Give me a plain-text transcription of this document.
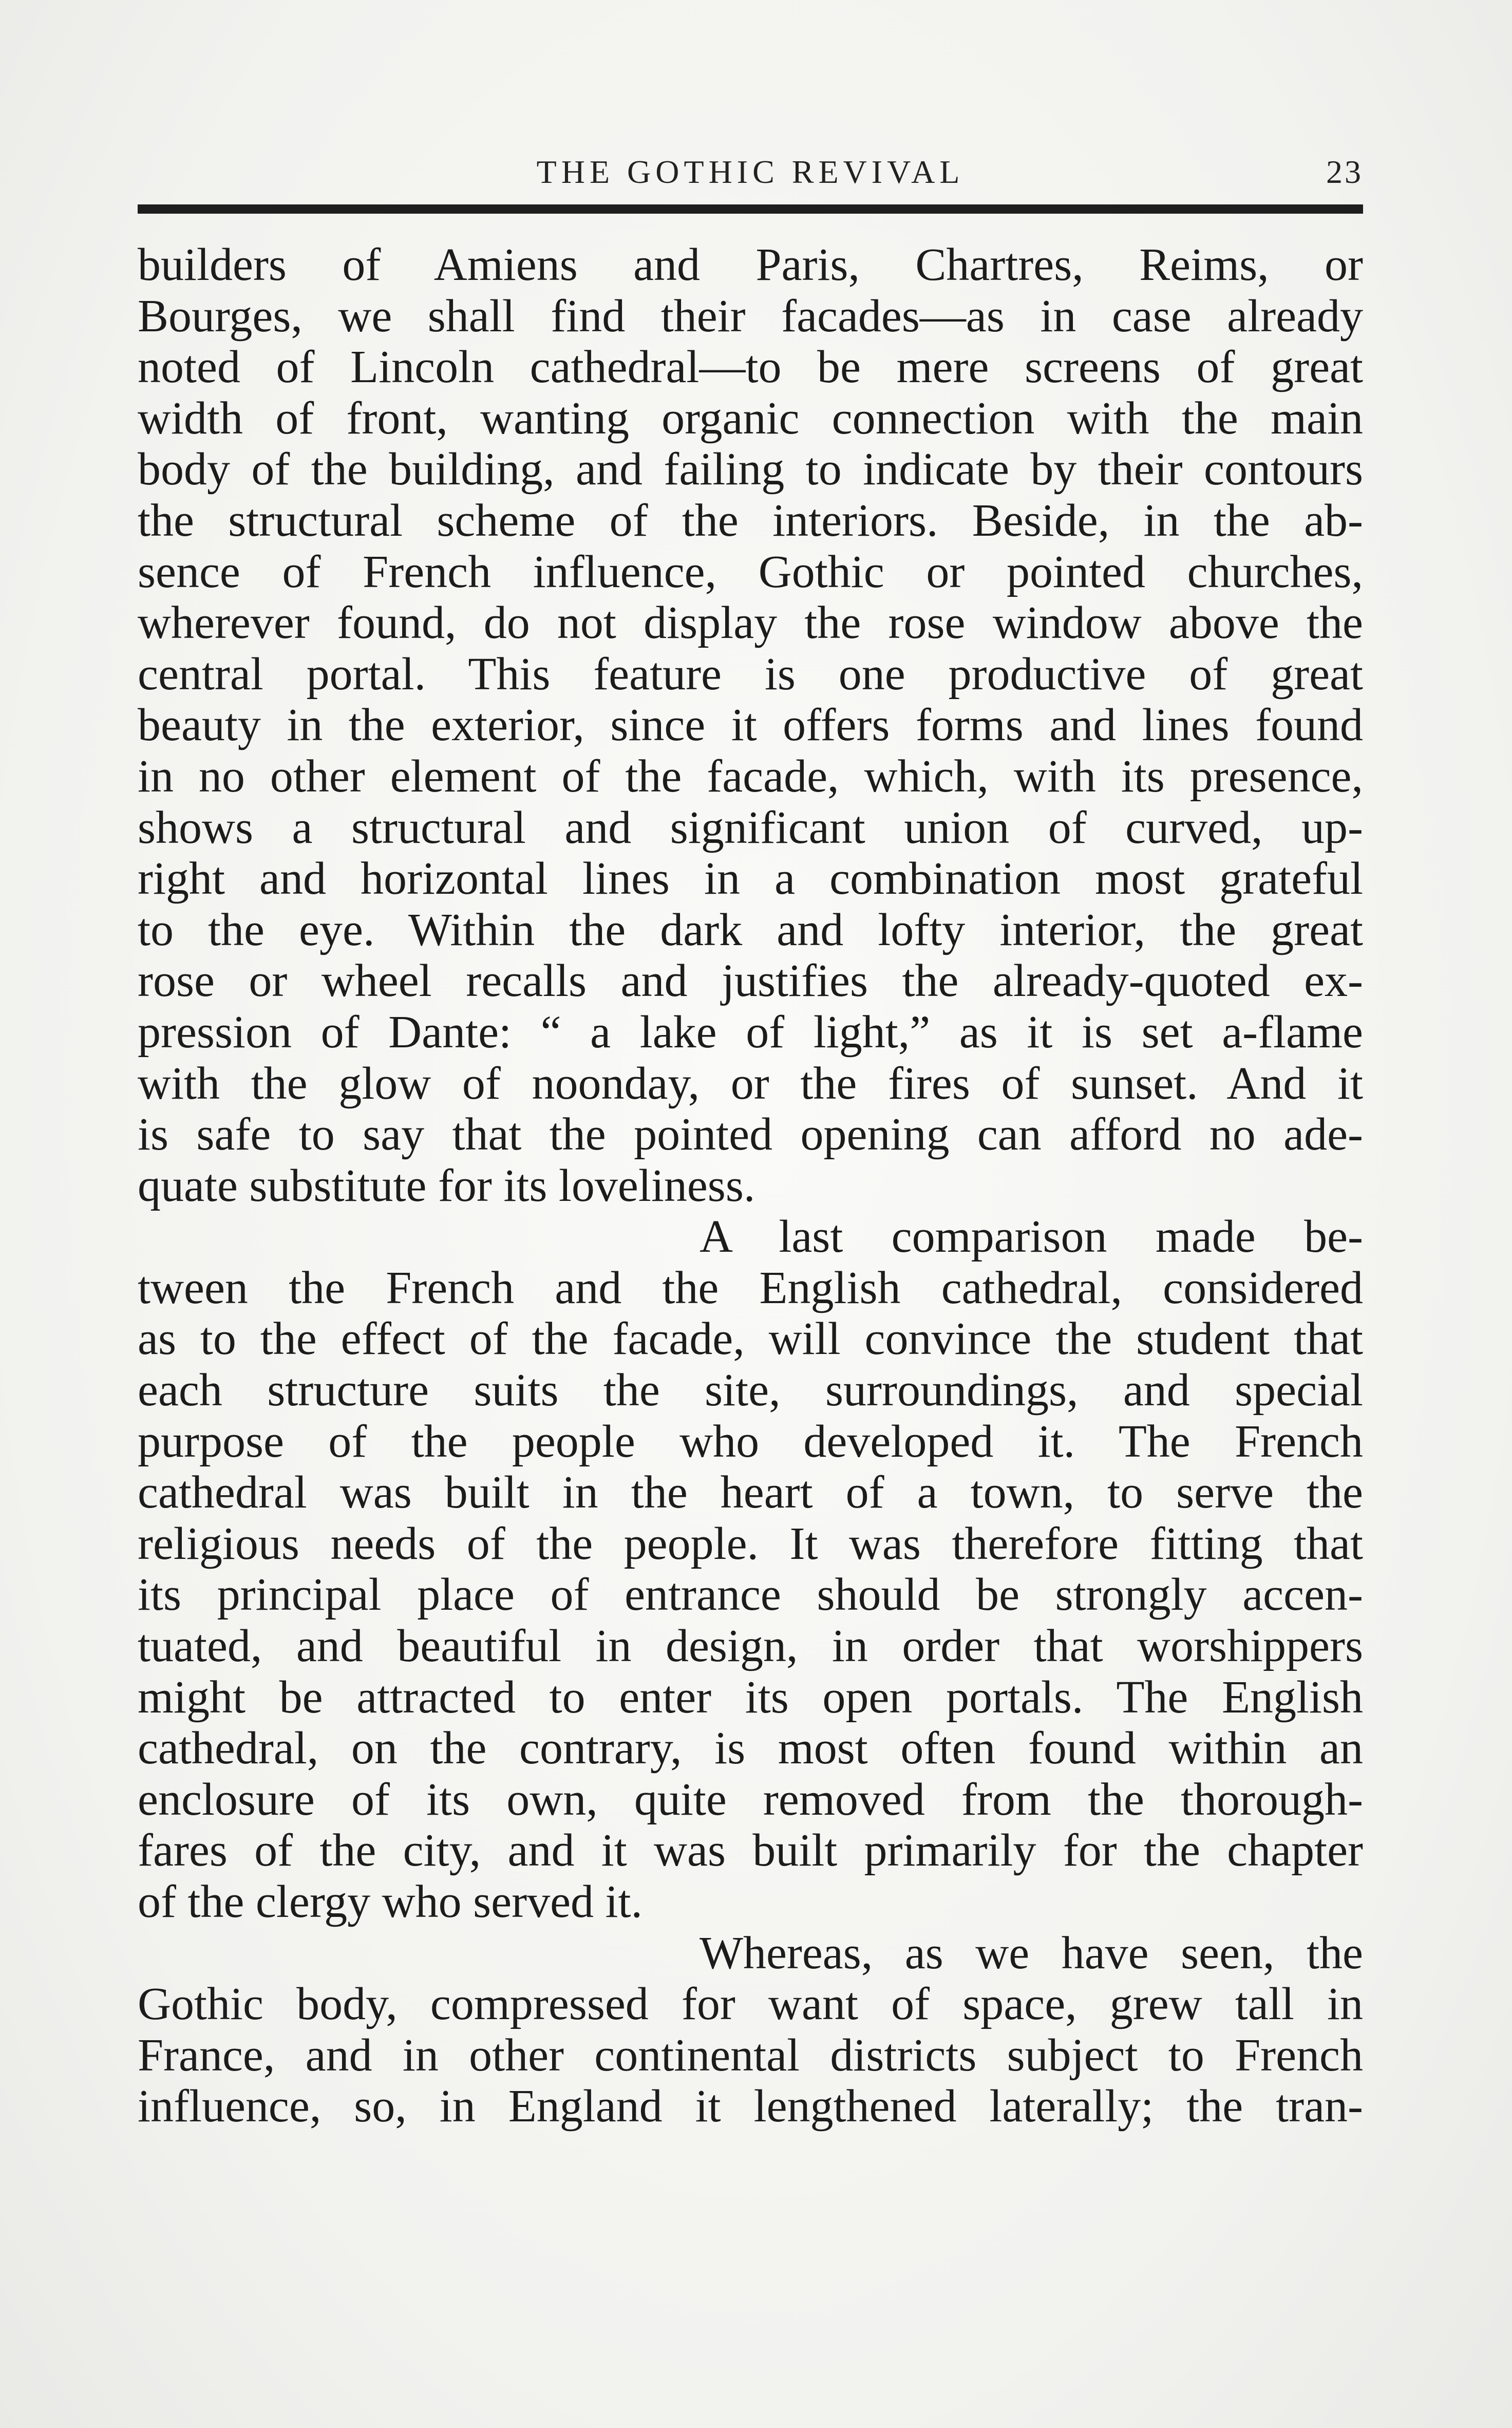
THE GOTHIC REVIVAL	23
builders of Amiens and Paris, Chartres, Reims, or
Bourges, we shall find their facades—as in case already
noted of Lincoln cathedral—to be mere screens of great
width of front, wanting organic connection with the main
body of the building, and failing to indicate by their contours
the structural scheme of the interiors. Beside, in the ab-
sence of French influence, Gothic or pointed churches,
wherever found, do not display the rose window above the
central portal. This feature is one productive of great
beauty in the exterior, since it offers forms and lines found
in no other element of the facade, which, with its presence,
shows a structural and significant union of curved, up-
right and horizontal lines in a combination most grateful
to the eye. Within the dark and lofty interior, the great
rose or wheel recalls and justifies the already-quoted ex-
pression of Dante: “ a lake of light,” as it is set a-flame
with the glow of noonday, or the fires of sunset. And it
is safe to say that the pointed opening can afford no ade-
quate substitute for its loveliness.
A last comparison made be-
tween the French and the English cathedral, considered
as to the effect of the facade, will convince the student that
each structure suits the site, surroundings, and special
purpose of the people who developed it. The French
cathedral was built in the heart of a town, to serve the
religious needs of the people. It was therefore fitting that
its principal place of entrance should be strongly accen-
tuated, and beautiful in design, in order that worshippers
might be attracted to enter its open portals. The English
cathedral, on the contrary, is most often found within an
enclosure of its own, quite removed from the thorough-
fares of the city, and it was built primarily for the chapter
of the clergy who served it.
Whereas, as we have seen, the
Gothic body, compressed for want of space, grew tall in
France, and in other continental districts subject to French
influence, so, in England it lengthened laterally; the tran-
